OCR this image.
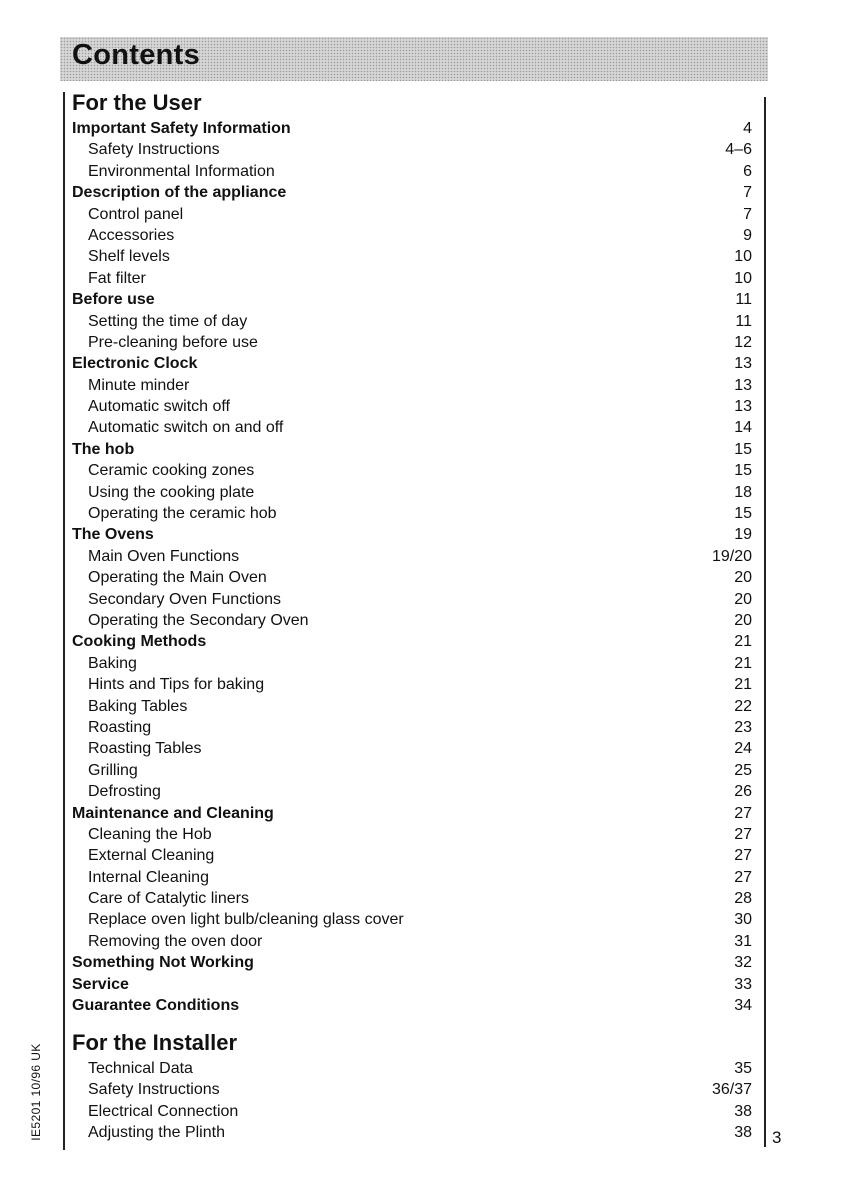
Contents
For the User
Important Safety Information	4
Safety Instructions	4–6
Environmental Information	6
Description of the appliance	7
Control panel	7
Accessories	9
Shelf levels	10
Fat filter	10
Before use	11
Setting the time of day	11
Pre-cleaning before use	12
Electronic Clock	13
Minute minder	13
Automatic switch off	13
Automatic switch on and off	14
The hob	15
Ceramic cooking zones	15
Using the cooking plate	18
Operating the ceramic hob	15
The Ovens	19
Main Oven Functions	19/20
Operating the Main Oven	20
Secondary Oven Functions	20
Operating the Secondary Oven	20
Cooking Methods	21
Baking	21
Hints and Tips for baking	21
Baking Tables	22
Roasting	23
Roasting Tables	24
Grilling	25
Defrosting	26
Maintenance and Cleaning	27
Cleaning the Hob	27
External Cleaning	27
Internal Cleaning	27
Care of Catalytic liners	28
Replace oven light bulb/cleaning glass cover	30
Removing the oven door	31
Something Not Working	32
Service	33
Guarantee Conditions	34
For the Installer
Technical Data	35
Safety Instructions	36/37
Electrical Connection	38
Adjusting the Plinth	38
IE5201 10/96 UK	3
